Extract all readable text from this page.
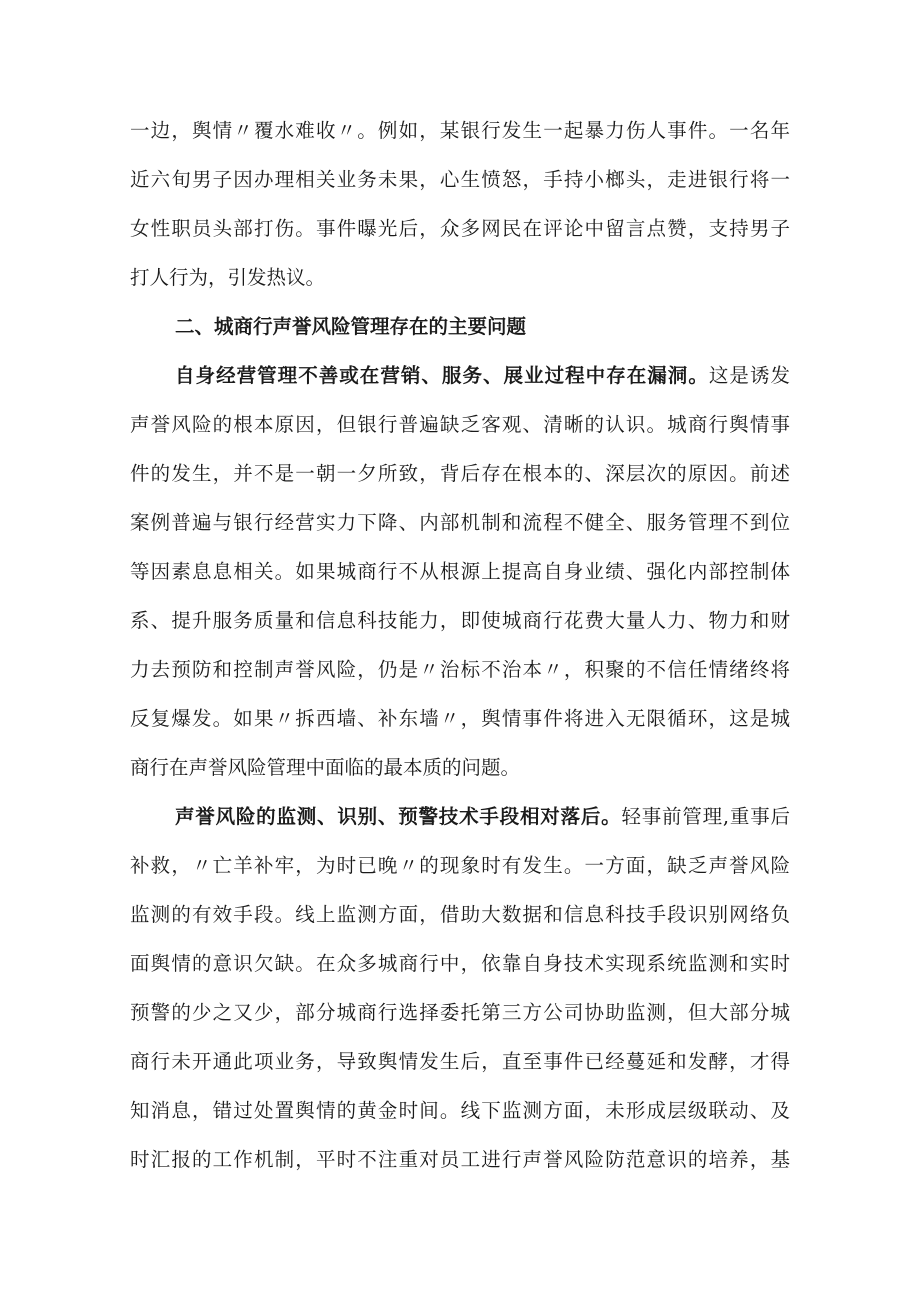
一边，舆情〃覆水难收〃。例如，某银行发生一起暴力伤人事件。一名年
近六旬男子因办理相关业务未果，心生愤怒，手持小榔头，走进银行将一
女性职员头部打伤。事件曝光后，众多网民在评论中留言点赞，支持男子
打人行为，引发热议。
二、城商行声誉风险管理存在的主要问题
自身经营管理不善或在营销、服务、展业过程中存在漏洞。这是诱发
声誉风险的根本原因，但银行普遍缺乏客观、清晰的认识。城商行舆情事
件的发生，并不是一朝一夕所致，背后存在根本的、深层次的原因。前述
案例普遍与银行经营实力下降、内部机制和流程不健全、服务管理不到位
等因素息息相关。如果城商行不从根源上提高自身业绩、强化内部控制体
系、提升服务质量和信息科技能力，即使城商行花费大量人力、物力和财
力去预防和控制声誉风险，仍是〃治标不治本〃，积聚的不信任情绪终将
反复爆发。如果〃拆西墙、补东墙〃，舆情事件将进入无限循环，这是城
商行在声誉风险管理中面临的最本质的问题。
声誉风险的监测、识别、预警技术手段相对落后。轻事前管理,重事后
补救，〃亡羊补牢，为时已晚〃的现象时有发生。一方面，缺乏声誉风险
监测的有效手段。线上监测方面，借助大数据和信息科技手段识别网络负
面舆情的意识欠缺。在众多城商行中，依靠自身技术实现系统监测和实时
预警的少之又少，部分城商行选择委托第三方公司协助监测，但大部分城
商行未开通此项业务，导致舆情发生后，直至事件已经蔓延和发酵，才得
知消息，错过处置舆情的黄金时间。线下监测方面，未形成层级联动、及
时汇报的工作机制，平时不注重对员工进行声誉风险防范意识的培养，基
